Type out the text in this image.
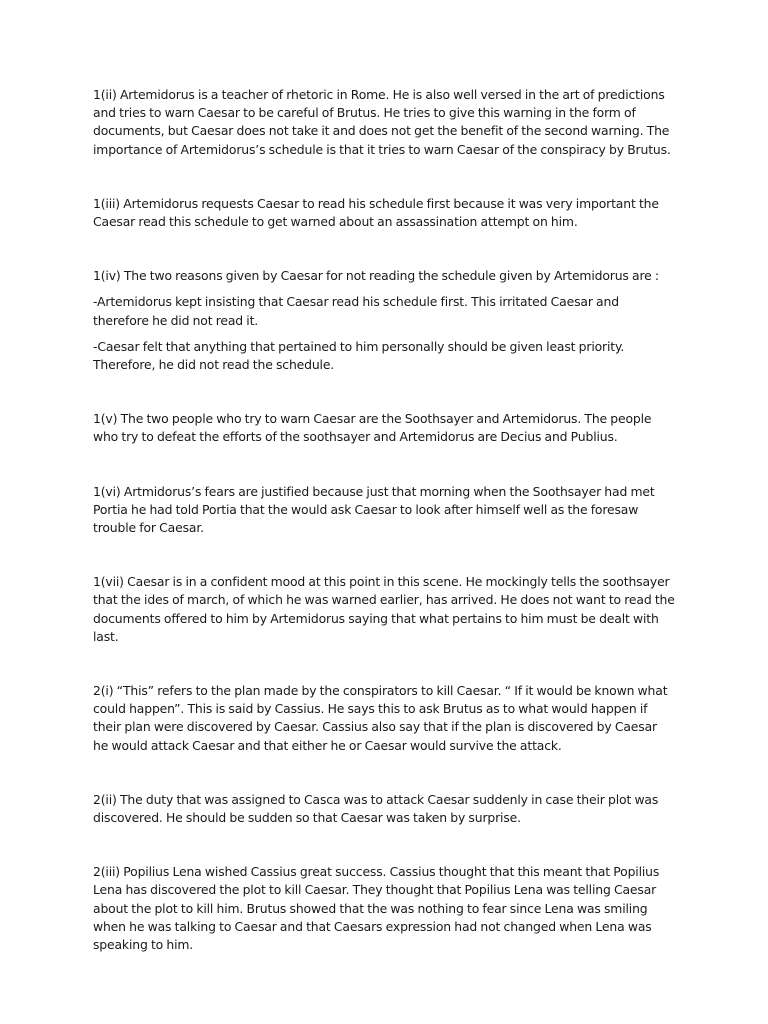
1(ii) Artemidorus is a teacher of rhetoric in Rome. He is also well versed in the art of predictions and tries to warn Caesar to be careful of Brutus. He tries to give this warning in the form of documents, but Caesar does not take it and does not get the benefit of the second warning. The importance of Artemidorus’s schedule is that it tries to warn Caesar of the conspiracy by Brutus.

1(iii) Artemidorus requests Caesar to read his schedule first because it was very important the Caesar read this schedule to get warned about an assassination attempt on him.

1(iv) The two reasons given by Caesar for not reading the schedule given by Artemidorus are :

-Artemidorus kept insisting that Caesar read his schedule first. This irritated Caesar and therefore he did not read it.

-Caesar felt that anything that pertained to him personally should be given least priority. Therefore, he did not read the schedule.

1(v) The two people who try to warn Caesar are the Soothsayer and Artemidorus. The people who try to defeat the efforts of the soothsayer and Artemidorus are Decius and Publius.

1(vi) Artmidorus’s fears are justified because just that morning when the Soothsayer had met Portia he had told Portia that the would ask Caesar to look after himself well as the foresaw trouble for Caesar.

1(vii) Caesar is in a confident mood at this point in this scene. He mockingly tells the soothsayer that the ides of march, of which he was warned earlier, has arrived. He does not want to read the documents offered to him by Artemidorus saying that what pertains to him must be dealt with last.

2(i) “This” refers to the plan made by the conspirators to kill Caesar. “ If it would be known what could happen”. This is said by Cassius. He says this to ask Brutus as to what would happen if their plan were discovered by Caesar. Cassius also say that if the plan is discovered by Caesar he would attack Caesar and that either he or Caesar would survive the attack.

2(ii) The duty that was assigned to Casca was to attack Caesar suddenly in case their plot was discovered. He should be sudden so that Caesar was taken by surprise.

2(iii) Popilius Lena wished Cassius great success. Cassius thought that this meant that Popilius Lena has discovered the plot to kill Caesar. They thought that Popilius Lena was telling Caesar about the plot to kill him. Brutus showed that the was nothing to fear since Lena was smiling when he was talking to Caesar and that Caesars expression had not changed when Lena was speaking to him.
